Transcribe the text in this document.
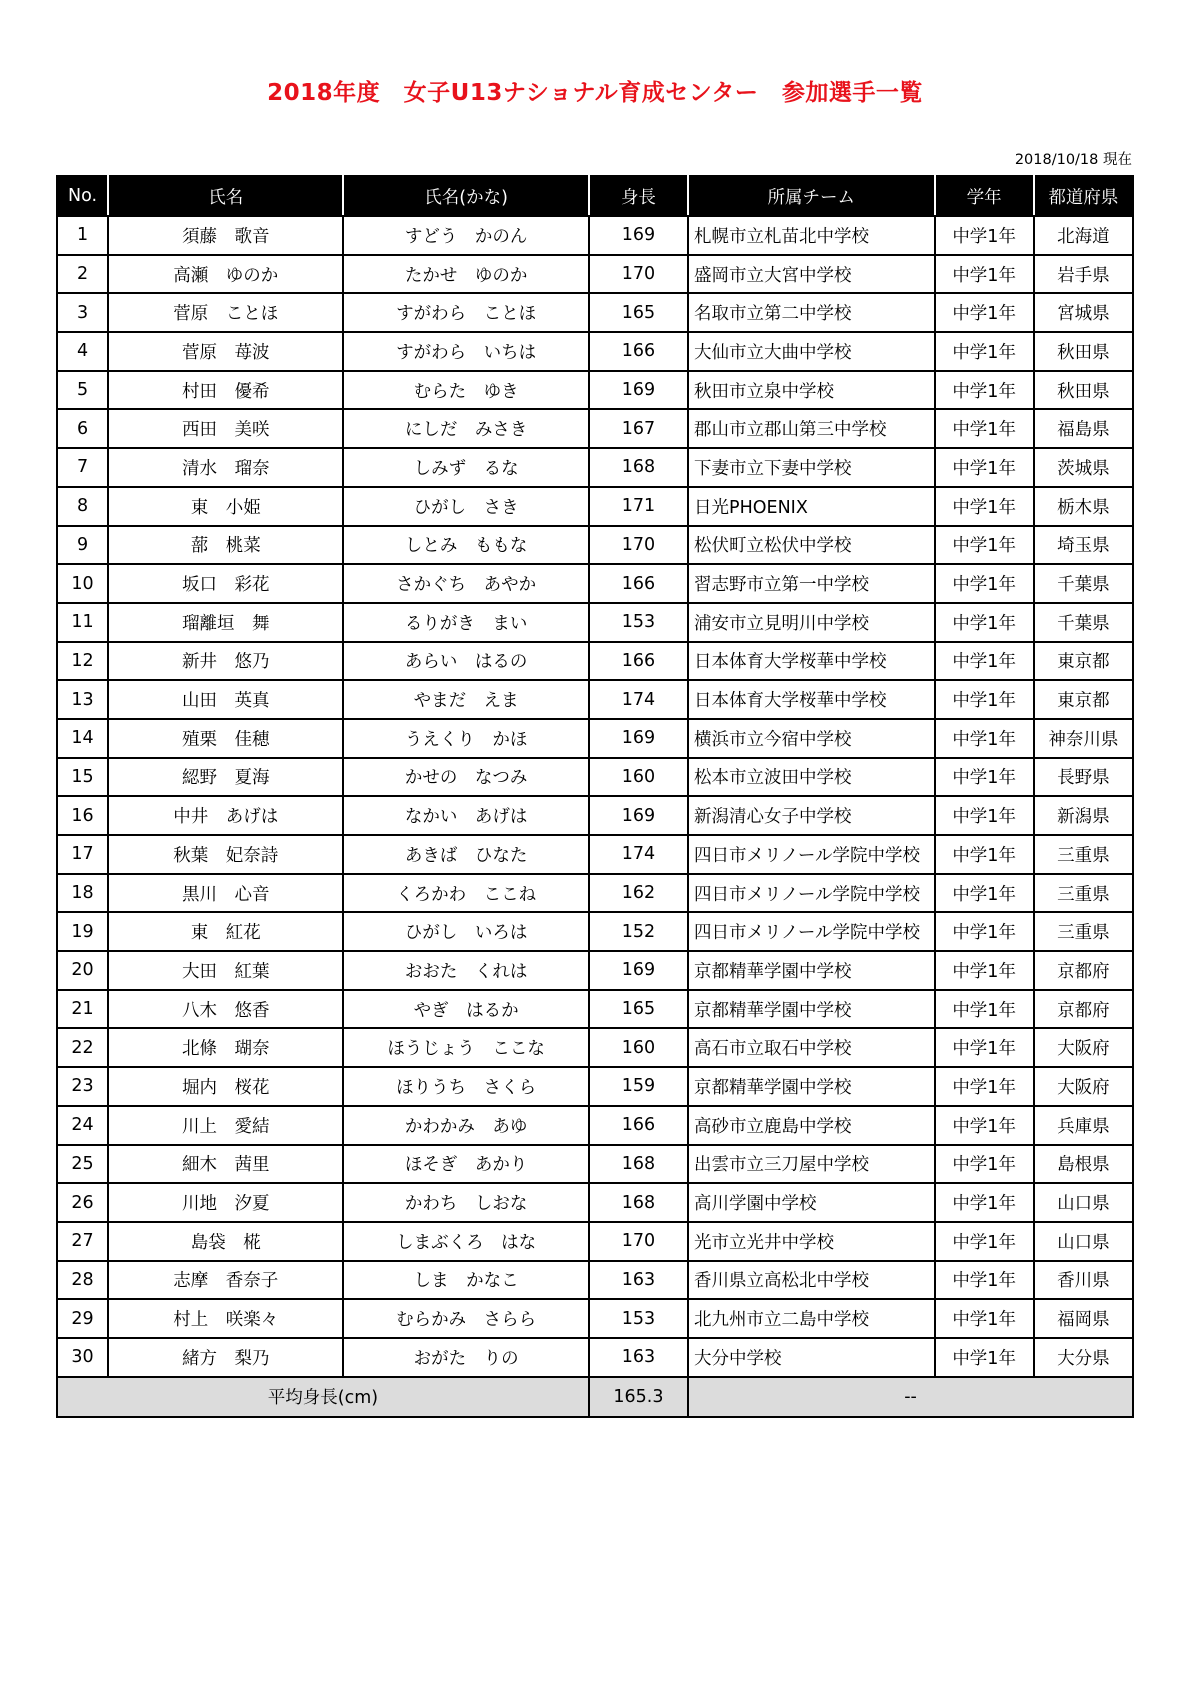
2018年度　女子U13ナショナル育成センター　参加選手一覧
2018/10/18 現在
No.	氏名	氏名(かな)	身長	所属チーム	学年	都道府県
1	須藤　歌音	すどう　かのん	169	札幌市立札苗北中学校	中学1年	北海道
2	高瀬　ゆのか	たかせ　ゆのか	170	盛岡市立大宮中学校	中学1年	岩手県
3	菅原　ことほ	すがわら　ことほ	165	名取市立第二中学校	中学1年	宮城県
4	菅原　苺波	すがわら　いちは	166	大仙市立大曲中学校	中学1年	秋田県
5	村田　優希	むらた　ゆき	169	秋田市立泉中学校	中学1年	秋田県
6	西田　美咲	にしだ　みさき	167	郡山市立郡山第三中学校	中学1年	福島県
7	清水　瑠奈	しみず　るな	168	下妻市立下妻中学校	中学1年	茨城県
8	東　小姫	ひがし　さき	171	日光PHOENIX	中学1年	栃木県
9	蔀　桃菜	しとみ　ももな	170	松伏町立松伏中学校	中学1年	埼玉県
10	坂口　彩花	さかぐち　あやか	166	習志野市立第一中学校	中学1年	千葉県
11	瑠離垣　舞	るりがき　まい	153	浦安市立見明川中学校	中学1年	千葉県
12	新井　悠乃	あらい　はるの	166	日本体育大学桜華中学校	中学1年	東京都
13	山田　英真	やまだ　えま	174	日本体育大学桜華中学校	中学1年	東京都
14	殖栗　佳穂	うえくり　かほ	169	横浜市立今宿中学校	中学1年	神奈川県
15	綛野　夏海	かせの　なつみ	160	松本市立波田中学校	中学1年	長野県
16	中井　あげは	なかい　あげは	169	新潟清心女子中学校	中学1年	新潟県
17	秋葉　妃奈詩	あきば　ひなた	174	四日市メリノール学院中学校	中学1年	三重県
18	黒川　心音	くろかわ　ここね	162	四日市メリノール学院中学校	中学1年	三重県
19	東　紅花	ひがし　いろは	152	四日市メリノール学院中学校	中学1年	三重県
20	大田　紅葉	おおた　くれは	169	京都精華学園中学校	中学1年	京都府
21	八木　悠香	やぎ　はるか	165	京都精華学園中学校	中学1年	京都府
22	北條　瑚奈	ほうじょう　ここな	160	高石市立取石中学校	中学1年	大阪府
23	堀内　桜花	ほりうち　さくら	159	京都精華学園中学校	中学1年	大阪府
24	川上　愛結	かわかみ　あゆ	166	高砂市立鹿島中学校	中学1年	兵庫県
25	細木　茜里	ほそぎ　あかり	168	出雲市立三刀屋中学校	中学1年	島根県
26	川地　汐夏	かわち　しおな	168	高川学園中学校	中学1年	山口県
27	島袋　椛	しまぶくろ　はな	170	光市立光井中学校	中学1年	山口県
28	志摩　香奈子	しま　かなこ	163	香川県立高松北中学校	中学1年	香川県
29	村上　咲楽々	むらかみ　さらら	153	北九州市立二島中学校	中学1年	福岡県
30	緒方　梨乃	おがた　りの	163	大分中学校	中学1年	大分県
平均身長(cm)			165.3	--		
